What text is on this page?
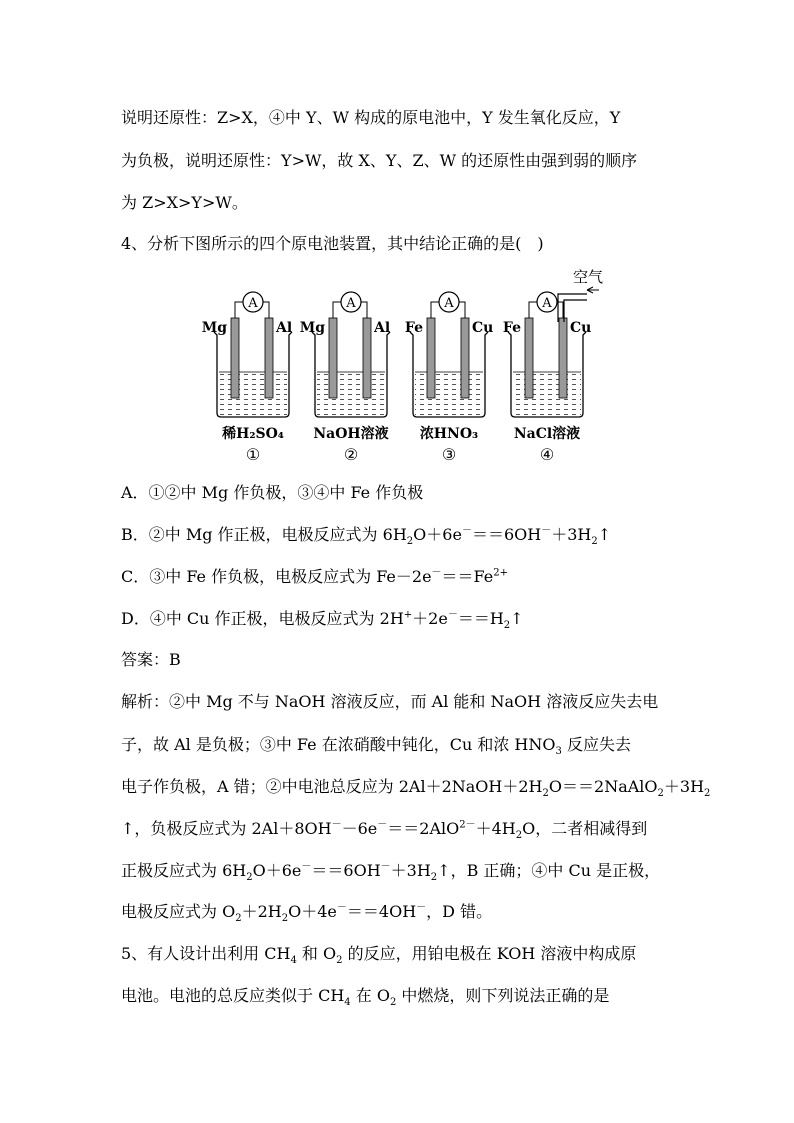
说明还原性：Z>X，④中 Y、W 构成的原电池中，Y 发生氧化反应，Y
为负极，说明还原性：Y>W，故 X、Y、Z、W 的还原性由强到弱的顺序
为 Z>X>Y>W。
4、分析下图所示的四个原电池装置，其中结论正确的是(　)
A
Mg	Al
稀H₂SO₄
①
A
Mg	Al
NaOH溶液
②
A
Fe	Cu
浓HNO₃
③
A
Fe	Cu
NaCl溶液
④
空气
A．①②中 Mg 作负极，③④中 Fe 作负极
B．②中 Mg 作正极，电极反应式为 $6H_2O+6e^-==6OH^-+3H_2↑$
C．③中 Fe 作负极，电极反应式为 $Fe-2e^-==Fe^{2+}$
D．④中 Cu 作正极，电极反应式为 $2H^++2e^-==H_2↑$
答案：B
解析：②中 Mg 不与 NaOH 溶液反应，而 Al 能和 NaOH 溶液反应失去电
子，故 Al 是负极；③中 Fe 在浓硝酸中钝化，Cu 和浓 $HNO_3$ 反应失去
电子作负极，A 错；②中电池总反应为 $2Al+2NaOH+2H_2O==2NaAlO_2+3H_2$
↑，负极反应式为 $2Al+8OH^--6e^-==2AlO^{2-}+4H_2O$，二者相减得到
正极反应式为 $6H_2O+6e^-==6OH^-+3H_2↑$，B 正确；④中 Cu 是正极，
电极反应式为 $O_2+2H_2O+4e^-==4OH^-$，D 错。
5、有人设计出利用 $CH_4$ 和 $O_2$ 的反应，用铂电极在 KOH 溶液中构成原
电池。电池的总反应类似于 $CH_4$ 在 $O_2$ 中燃烧，则下列说法正确的是
